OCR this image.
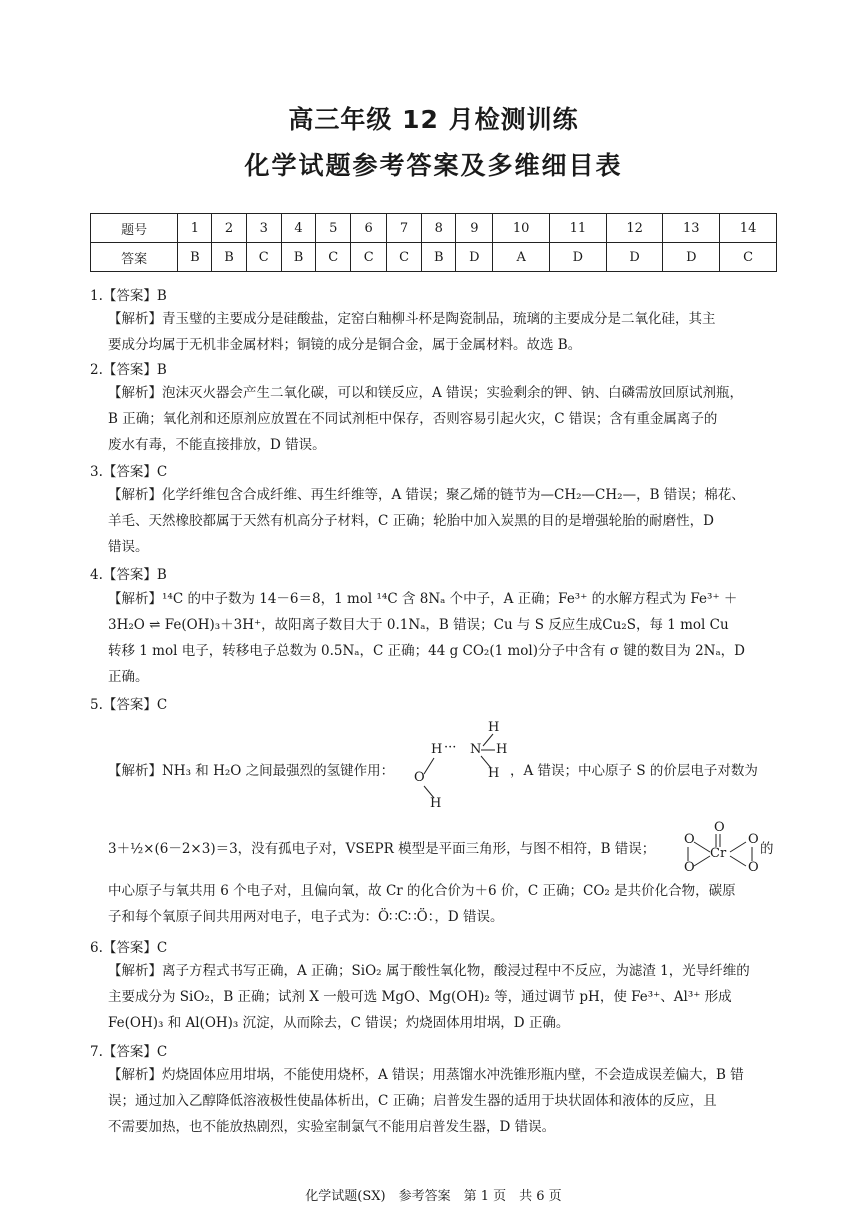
高三年级 12 月检测训练
化学试题参考答案及多维细目表
题号	1	2	3	4	5	6	7	8	9	10	11	12	13	14
答案	B	B	C	B	C	C	C	B	D	A	D	D	D	C
1.【答案】B
【解析】青玉璧的主要成分是硅酸盐，定窑白釉柳斗杯是陶瓷制品，琉璃的主要成分是二氧化硅，其主
要成分均属于无机非金属材料；铜镜的成分是铜合金，属于金属材料。故选 B。
2.【答案】B
【解析】泡沫灭火器会产生二氧化碳，可以和镁反应，A 错误；实验剩余的钾、钠、白磷需放回原试剂瓶，
B 正确；氧化剂和还原剂应放置在不同试剂柜中保存，否则容易引起火灾，C 错误；含有重金属离子的
废水有毒，不能直接排放，D 错误。
3.【答案】C
【解析】化学纤维包含合成纤维、再生纤维等，A 错误；聚乙烯的链节为—CH₂—CH₂—，B 错误；棉花、
羊毛、天然橡胶都属于天然有机高分子材料，C 正确；轮胎中加入炭黑的目的是增强轮胎的耐磨性，D
错误。
4.【答案】B
【解析】¹⁴C 的中子数为 14－6＝8，1 mol ¹⁴C 含 8Nₐ 个中子，A 正确；Fe³⁺ 的水解方程式为 Fe³⁺ ＋
3H₂O ⇌ Fe(OH)₃＋3H⁺，故阳离子数目大于 0.1Nₐ，B 错误；Cu 与 S 反应生成Cu₂S，每 1 mol Cu
转移 1 mol 电子，转移电子总数为 0.5Nₐ，C 正确；44 g CO₂(1 mol)分子中含有 σ 键的数目为 2Nₐ，D
正确。
5.【答案】C
【解析】NH₃ 和 H₂O 之间最强烈的氢键作用：
H
H ··· N H
H
O
H
，A 错误；中心原子 S 的价层电子对数为
3＋½×(6－2×3)＝3，没有孤电子对，VSEPR 模型是平面三角形，与图不相符，B 错误；
O
O
O
Cr
O
O
的
中心原子与氧共用 6 个电子对，且偏向氧，故 Cr 的化合价为＋6 价，C 正确；CO₂ 是共价化合物，碳原
子和每个氧原子间共用两对电子，电子式为：Ö∷C∷Ö：，D 错误。
6.【答案】C
【解析】离子方程式书写正确，A 正确；SiO₂ 属于酸性氧化物，酸浸过程中不反应，为滤渣 1，光导纤维的
主要成分为 SiO₂，B 正确；试剂 X 一般可选 MgO、Mg(OH)₂ 等，通过调节 pH，使 Fe³⁺、Al³⁺ 形成
Fe(OH)₃ 和 Al(OH)₃ 沉淀，从而除去，C 错误；灼烧固体用坩埚，D 正确。
7.【答案】C
【解析】灼烧固体应用坩埚，不能使用烧杯，A 错误；用蒸馏水冲洗锥形瓶内壁，不会造成误差偏大，B 错
误；通过加入乙醇降低溶液极性使晶体析出，C 正确；启普发生器的适用于块状固体和液体的反应，且
不需要加热，也不能放热剧烈，实验室制氯气不能用启普发生器，D 错误。
化学试题(SX)　参考答案　第 1 页　共 6 页
